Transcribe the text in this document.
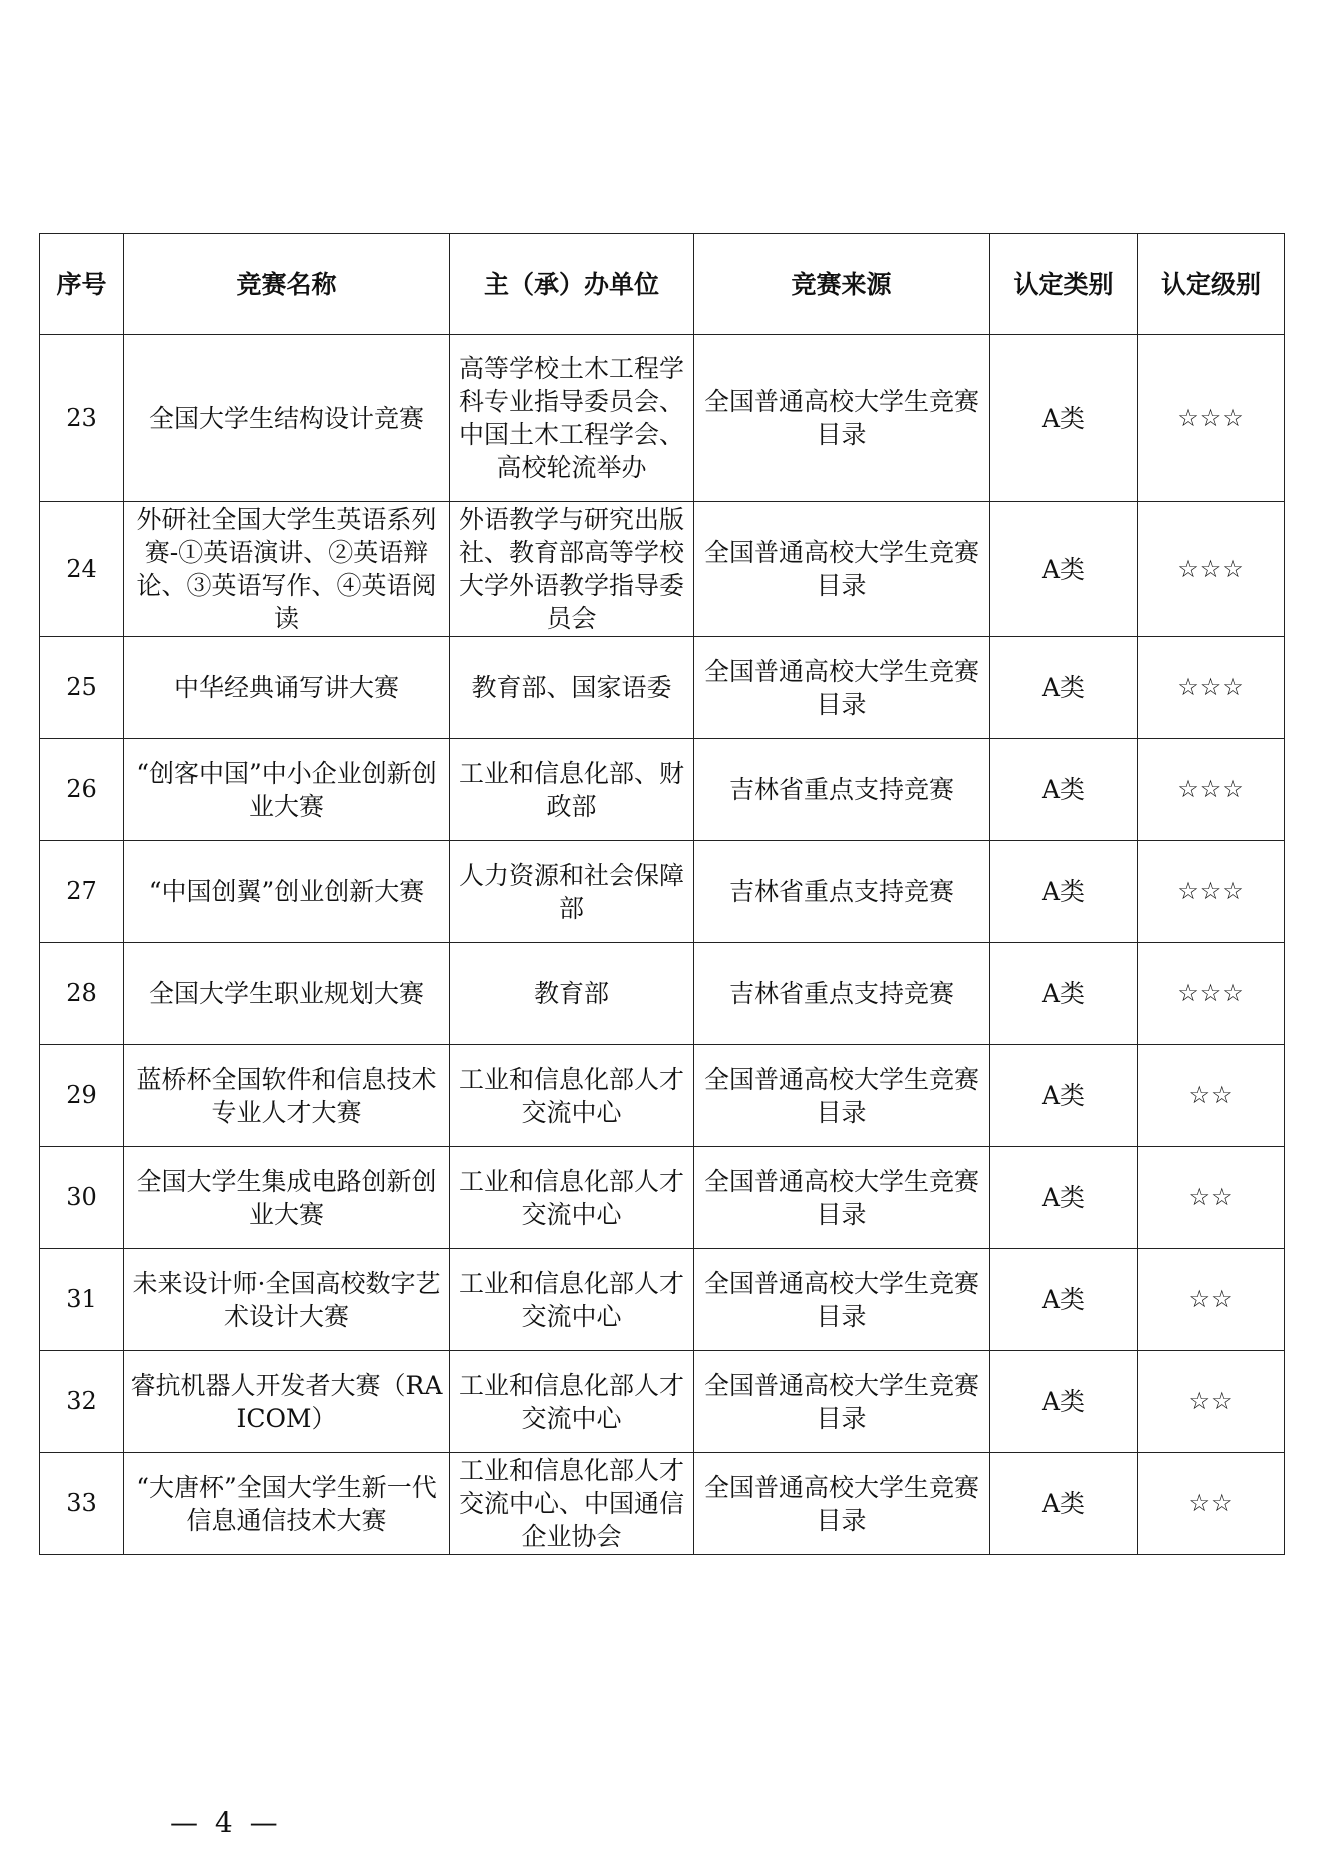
序号	竞赛名称	主（承）办单位	竞赛来源	认定类别	认定级别
23	全国大学生结构设计竞赛	高等学校土木工程学科专业指导委员会、中国土木工程学会、高校轮流举办	全国普通高校大学生竞赛目录	A类	☆☆☆
24	外研社全国大学生英语系列赛-①英语演讲、②英语辩论、③英语写作、④英语阅读	外语教学与研究出版社、教育部高等学校大学外语教学指导委员会	全国普通高校大学生竞赛目录	A类	☆☆☆
25	中华经典诵写讲大赛	教育部、国家语委	全国普通高校大学生竞赛目录	A类	☆☆☆
26	“创客中国”中小企业创新创业大赛	工业和信息化部、财政部	吉林省重点支持竞赛	A类	☆☆☆
27	“中国创翼”创业创新大赛	人力资源和社会保障部	吉林省重点支持竞赛	A类	☆☆☆
28	全国大学生职业规划大赛	教育部	吉林省重点支持竞赛	A类	☆☆☆
29	蓝桥杯全国软件和信息技术专业人才大赛	工业和信息化部人才交流中心	全国普通高校大学生竞赛目录	A类	☆☆
30	全国大学生集成电路创新创业大赛	工业和信息化部人才交流中心	全国普通高校大学生竞赛目录	A类	☆☆
31	未来设计师·全国高校数字艺术设计大赛	工业和信息化部人才交流中心	全国普通高校大学生竞赛目录	A类	☆☆
32	睿抗机器人开发者大赛（RAICOM）	工业和信息化部人才交流中心	全国普通高校大学生竞赛目录	A类	☆☆
33	“大唐杯”全国大学生新一代信息通信技术大赛	工业和信息化部人才交流中心、中国通信企业协会	全国普通高校大学生竞赛目录	A类	☆☆
— 4 —
